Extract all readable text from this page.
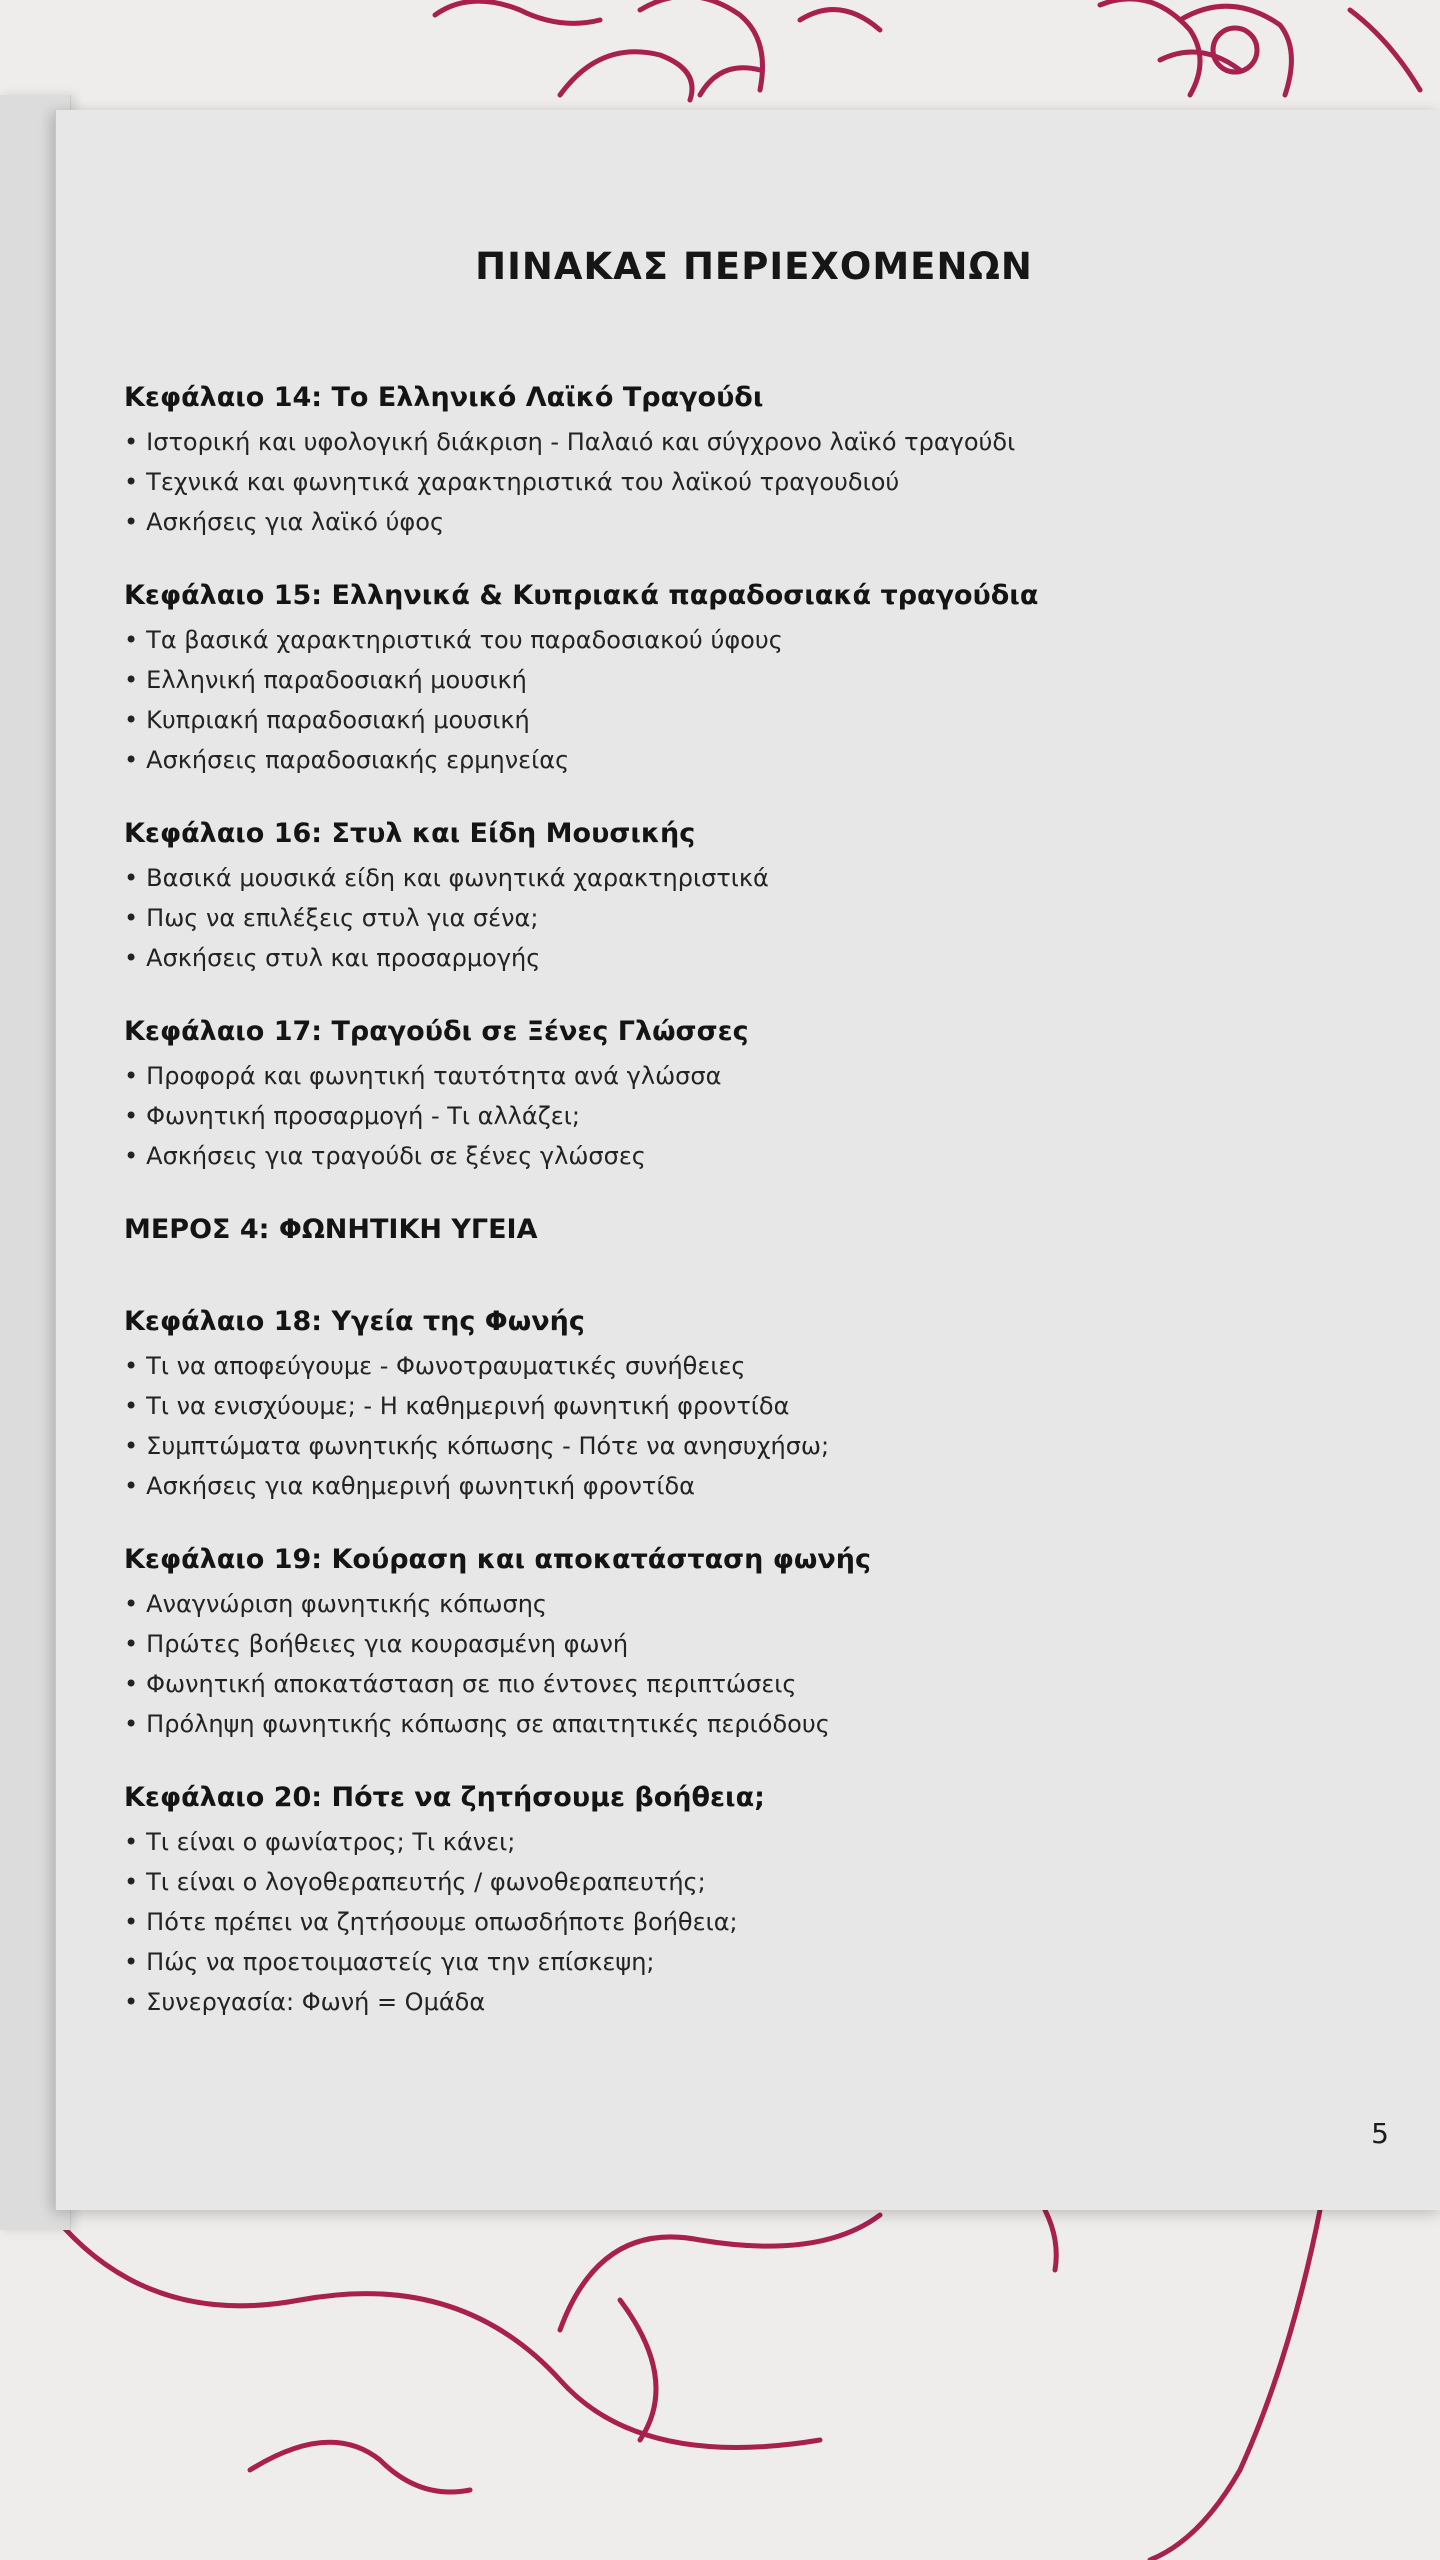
ΠΙΝΑΚΑΣ ΠΕΡΙΕΧΟΜΕΝΩΝ
Κεφάλαιο 14: Το Ελληνικό Λαϊκό Τραγούδι
• Ιστορική και υφολογική διάκριση - Παλαιό και σύγχρονο λαϊκό τραγούδι
• Τεχνικά και φωνητικά χαρακτηριστικά του λαϊκού τραγουδιού
• Ασκήσεις για λαϊκό ύφος
Κεφάλαιο 15: Ελληνικά & Κυπριακά παραδοσιακά τραγούδια
• Τα βασικά χαρακτηριστικά του παραδοσιακού ύφους
• Ελληνική παραδοσιακή μουσική
• Κυπριακή παραδοσιακή μουσική
• Ασκήσεις παραδοσιακής ερμηνείας
Κεφάλαιο 16: Στυλ και Είδη Μουσικής
• Βασικά μουσικά είδη και φωνητικά χαρακτηριστικά
• Πως να επιλέξεις στυλ για σένα;
• Ασκήσεις στυλ και προσαρμογής
Κεφάλαιο 17: Τραγούδι σε Ξένες Γλώσσες
• Προφορά και φωνητική ταυτότητα ανά γλώσσα
• Φωνητική προσαρμογή - Τι αλλάζει;
• Ασκήσεις για τραγούδι σε ξένες γλώσσες
ΜΕΡΟΣ 4: ΦΩΝΗΤΙΚΗ ΥΓΕΙΑ
Κεφάλαιο 18: Υγεία της Φωνής
• Τι να αποφεύγουμε - Φωνοτραυματικές συνήθειες
• Τι να ενισχύουμε; - Η καθημερινή φωνητική φροντίδα
• Συμπτώματα φωνητικής κόπωσης - Πότε να ανησυχήσω;
• Ασκήσεις για καθημερινή φωνητική φροντίδα
Κεφάλαιο 19: Κούραση και αποκατάσταση φωνής
• Αναγνώριση φωνητικής κόπωσης
• Πρώτες βοήθειες για κουρασμένη φωνή
• Φωνητική αποκατάσταση σε πιο έντονες περιπτώσεις
• Πρόληψη φωνητικής κόπωσης σε απαιτητικές περιόδους
Κεφάλαιο 20: Πότε να ζητήσουμε βοήθεια;
• Τι είναι ο φωνίατρος; Τι κάνει;
• Τι είναι ο λογοθεραπευτής / φωνοθεραπευτής;
• Πότε πρέπει να ζητήσουμε οπωσδήποτε βοήθεια;
• Πώς να προετοιμαστείς για την επίσκεψη;
• Συνεργασία: Φωνή = Ομάδα
5
